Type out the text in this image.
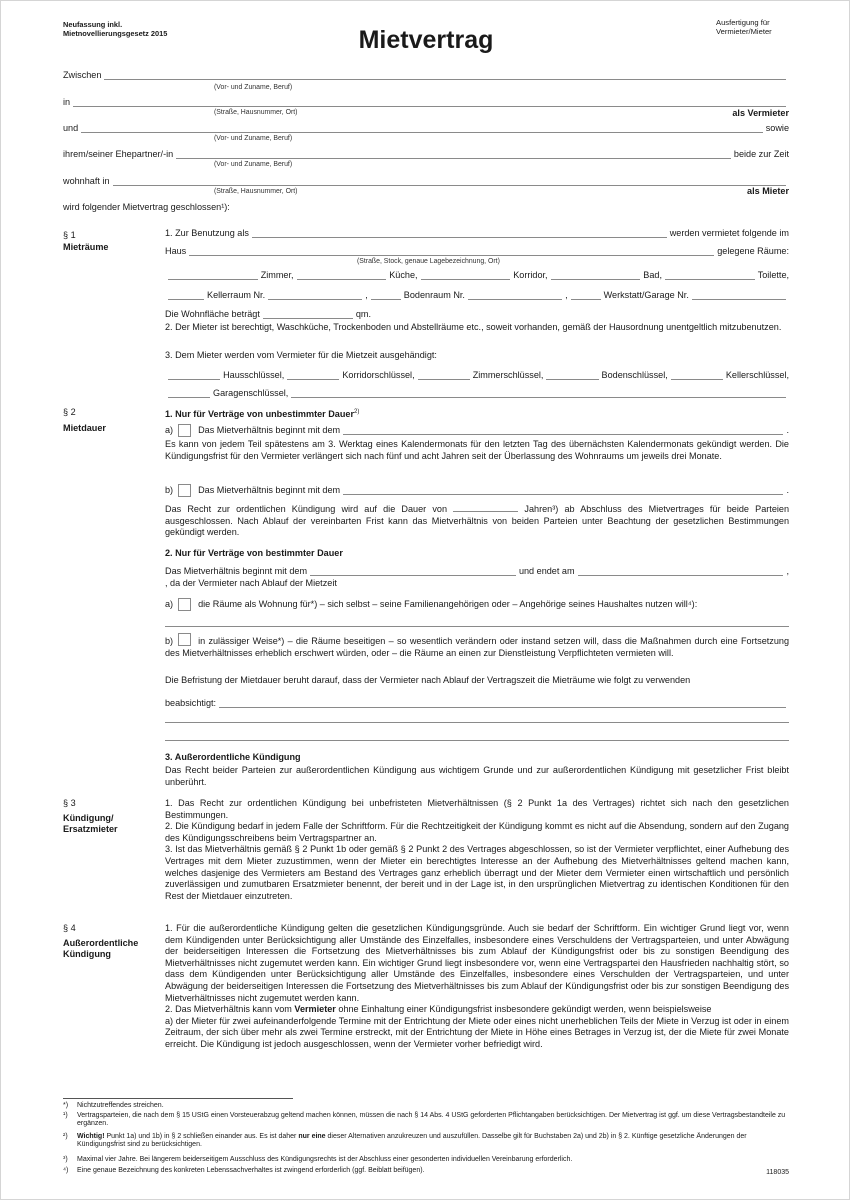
Neufassung inkl.
Mietnovellierungsgesetz 2015	Mietvertrag
Ausfertigung für Vermieter/Mieter
Zwischen
(Vor- und Zuname, Beruf)
in
(Straße, Hausnummer, Ort)	als Vermieter
und	sowie
(Vor- und Zuname, Beruf)
ihrem/seiner Ehepartner/-in	beide zur Zeit
(Vor- und Zuname, Beruf)
wohnhaft in
(Straße, Hausnummer, Ort)	als Mieter
wird folgender Mietvertrag geschlossen¹):
§ 1
Mieträume
1. Zur Benutzung als	werden vermietet folgende im
Haus	gelegene Räume:
(Straße, Stock, genaue Lagebezeichnung, Ort)
Zimmer,	Küche,	Korridor,	Bad,	Toilette,
Kellerraum Nr.	,	Bodenraum Nr.	,	Werkstatt/Garage Nr.
Die Wohnfläche beträgt	qm.
2. Der Mieter ist berechtigt, Waschküche, Trockenboden und Abstellräume etc., soweit vorhanden, gemäß der Hausordnung unentgeltlich mitzubenutzen.
3. Dem Mieter werden vom Vermieter für die Mietzeit ausgehändigt:
Hausschlüssel,	Korridorschlüssel,	Zimmerschlüssel,	Bodenschlüssel,	Kellerschlüssel,
Garagenschlüssel,
§ 2
Mietdauer
1. Nur für Verträge von unbestimmter Dauer$^{2)}$
a)	Das Mietverhältnis beginnt mit dem	.
Es kann von jedem Teil spätestens am 3. Werktag eines Kalendermonats für den letzten Tag des übernächsten Kalendermonats gekündigt werden. Die Kündigungsfrist für den Vermieter verlängert sich nach fünf und acht Jahren seit der Überlassung des Wohnraums um jeweils drei Monate.
b)	Das Mietverhältnis beginnt mit dem	.
Das Recht zur ordentlichen Kündigung wird auf die Dauer von	Jahren³) ab Abschluss des Mietvertrages für beide Parteien ausgeschlossen. Nach Ablauf der vereinbarten Frist kann das Mietverhältnis von beiden Parteien unter Beachtung der gesetzlichen Bestimmungen gekündigt werden.
2. Nur für Verträge von bestimmter Dauer
Das Mietverhältnis beginnt mit dem	und endet am	,
, da der Vermieter nach Ablauf der Mietzeit
a)	die Räume als Wohnung für*) – sich selbst – seine Familienangehörigen oder – Angehörige seines Haushaltes nutzen will⁴):
b)	in zulässiger Weise*) – die Räume beseitigen – so wesentlich verändern oder instand setzen will, dass die Maßnahmen durch eine Fortsetzung des Mietverhältnisses erheblich erschwert würden, oder – die Räume an einen zur Dienstleistung Verpflichteten vermieten will.
Die Befristung der Mietdauer beruht darauf, dass der Vermieter nach Ablauf der Vertragszeit die Mieträume wie folgt zu verwenden
beabsichtigt:
3. Außerordentliche Kündigung
Das Recht beider Parteien zur außerordentlichen Kündigung aus wichtigem Grunde und zur außerordentlichen Kündigung mit gesetzlicher Frist bleibt unberührt.
§ 3
Kündigung/
Ersatzmieter

1. Das Recht zur ordentlichen Kündigung bei unbefristeten Mietverhältnissen (§ 2 Punkt 1a des Vertrages) richtet sich nach den gesetzlichen Bestimmungen.

2. Die Kündigung bedarf in jedem Falle der Schriftform. Für die Rechtzeitigkeit der Kündigung kommt es nicht auf die Absendung, sondern auf den Zugang des Kündigungsschreibens beim Vertragspartner an.

3. Ist das Mietverhältnis gemäß § 2 Punkt 1b oder gemäß § 2 Punkt 2 des Vertrages abgeschlossen, so ist der Vermieter verpflichtet, einer Aufhebung des Vertrages mit dem Mieter zuzustimmen, wenn der Mieter ein berechtigtes Interesse an der Aufhebung des Mietverhältnisses geltend machen kann, welches dasjenige des Vermieters am Bestand des Vertrages ganz erheblich überragt und der Mieter dem Vermieter einen wirtschaftlich und persönlich zuverlässigen und zumutbaren Ersatzmieter benennt, der bereit und in der Lage ist, in den ursprünglichen Mietvertrag zu identischen Konditionen für den Rest der Mietdauer einzutreten.

§ 4
Außerordentliche
Kündigung

1. Für die außerordentliche Kündigung gelten die gesetzlichen Kündigungsgründe. Auch sie bedarf der Schriftform. Ein wichtiger Grund liegt vor, wenn dem Kündigenden unter Berücksichtigung aller Umstände des Einzelfalles, insbesondere eines Verschuldens der Vertragsparteien, und unter Abwägung der beiderseitigen Interessen die Fortsetzung des Mietverhältnisses bis zum Ablauf der Kündigungsfrist oder bis zu sonstigen Beendigung des Mietverhältnisses nicht zugemutet werden kann. Ein wichtiger Grund liegt insbesondere vor, wenn eine Vertragspartei den Hausfrieden nachhaltig stört, so dass dem Kündigenden unter Berücksichtigung aller Umstände des Einzelfalles, insbesondere eines Verschulden der Vertragsparteien, und unter Abwägung der beiderseitigen Interessen die Fortsetzung des Mietverhältnisses bis zum Ablauf der Kündigungsfrist oder bis zur sonstigen Beendigung des Mietverhältnisses nicht zugemutet werden kann.

2. Das Mietverhältnis kann vom Vermieter ohne Einhaltung einer Kündigungsfrist insbesondere gekündigt werden, wenn beispielsweise

a) der Mieter für zwei aufeinanderfolgende Termine mit der Entrichtung der Miete oder eines nicht unerheblichen Teils der Miete in Verzug ist oder in einem Zeitraum, der sich über mehr als zwei Termine erstreckt, mit der Entrichtung der Miete in Höhe eines Betrages in Verzug ist, der die Miete für zwei Monate erreicht. Die Kündigung ist jedoch ausgeschlossen, wenn der Vermieter vorher befriedigt wird.

*)	Nichtzutreffendes streichen.
¹)	Vertragsparteien, die nach dem § 15 UStG einen Vorsteuerabzug geltend machen können, müssen die nach § 14 Abs. 4 UStG geforderten Pflichtangaben berücksichtigen. Der Mietvertrag ist ggf. um diese Vertragsbestandteile zu ergänzen.
²)	Wichtig! Punkt 1a) und 1b) in § 2 schließen einander aus. Es ist daher nur eine dieser Alternativen anzukreuzen und auszufüllen. Dasselbe gilt für Buchstaben 2a) und 2b) in § 2. Künftige gesetzliche Änderungen der Kündigungsfrist sind zu berücksichtigen.
³)	Maximal vier Jahre. Bei längerem beiderseitigem Ausschluss des Kündigungsrechts ist der Abschluss einer gesonderten individuellen Vereinbarung erforderlich.
⁴)	Eine genaue Bezeichnung des konkreten Lebenssachverhaltes ist zwingend erforderlich (ggf. Beiblatt beifügen).	118035
